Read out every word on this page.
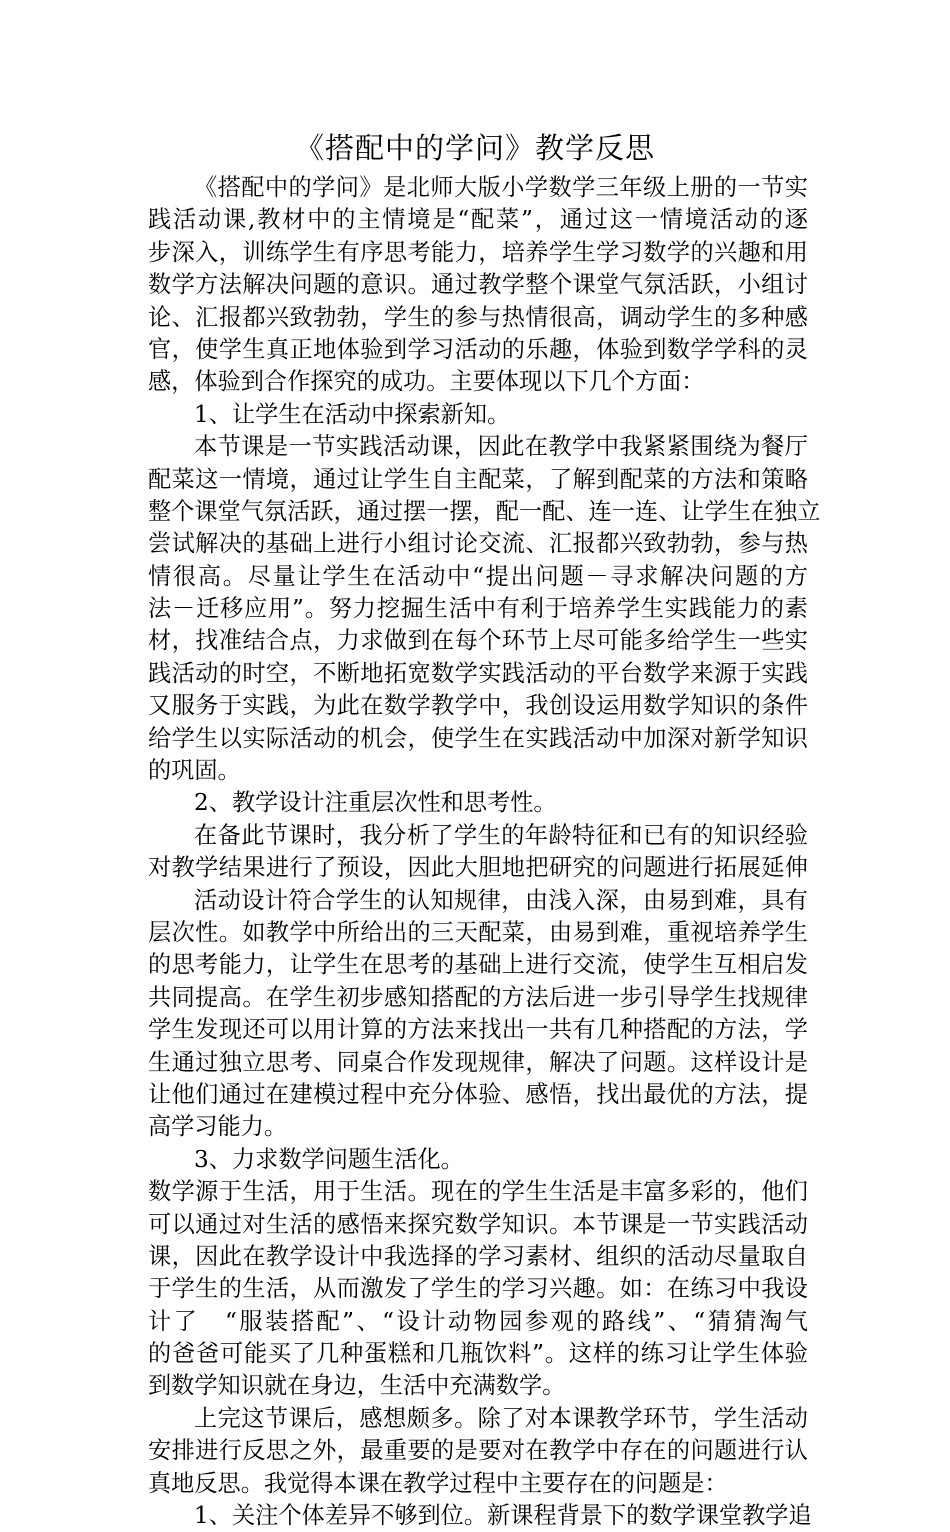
《搭配中的学问》教学反思
《搭配中的学问》是北师大版小学数学三年级上册的一节实
践活动课,教材中的主情境是“配菜”，通过这一情境活动的逐
步深入，训练学生有序思考能力，培养学生学习数学的兴趣和用
数学方法解决问题的意识。通过教学整个课堂气氛活跃，小组讨
论、汇报都兴致勃勃，学生的参与热情很高，调动学生的多种感
官，使学生真正地体验到学习活动的乐趣，体验到数学学科的灵
感，体验到合作探究的成功。主要体现以下几个方面：
1、让学生在活动中探索新知。
本节课是一节实践活动课，因此在教学中我紧紧围绕为餐厅
配菜这一情境，通过让学生自主配菜，了解到配菜的方法和策略
整个课堂气氛活跃，通过摆一摆，配一配、连一连、让学生在独立
尝试解决的基础上进行小组讨论交流、汇报都兴致勃勃，参与热
情很高。尽量让学生在活动中“提出问题－寻求解决问题的方
法－迁移应用”。努力挖掘生活中有利于培养学生实践能力的素
材，找准结合点，力求做到在每个环节上尽可能多给学生一些实
践活动的时空，不断地拓宽数学实践活动的平台数学来源于实践
又服务于实践，为此在数学教学中，我创设运用数学知识的条件
给学生以实际活动的机会，使学生在实践活动中加深对新学知识
的巩固。
2、教学设计注重层次性和思考性。
在备此节课时，我分析了学生的年龄特征和已有的知识经验
对教学结果进行了预设，因此大胆地把研究的问题进行拓展延伸
活动设计符合学生的认知规律，由浅入深，由易到难，具有
层次性。如教学中所给出的三天配菜，由易到难，重视培养学生
的思考能力，让学生在思考的基础上进行交流，使学生互相启发
共同提高。在学生初步感知搭配的方法后进一步引导学生找规律
学生发现还可以用计算的方法来找出一共有几种搭配的方法，学
生通过独立思考、同桌合作发现规律，解决了问题。这样设计是
让他们通过在建模过程中充分体验、感悟，找出最优的方法，提
高学习能力。
3、力求数学问题生活化。
数学源于生活，用于生活。现在的学生生活是丰富多彩的，他们
可以通过对生活的感悟来探究数学知识。本节课是一节实践活动
课，因此在教学设计中我选择的学习素材、组织的活动尽量取自
于学生的生活，从而激发了学生的学习兴趣。如：在练习中我设
计了　“服装搭配”、“设计动物园参观的路线”、“猜猜淘气
的爸爸可能买了几种蛋糕和几瓶饮料”。这样的练习让学生体验
到数学知识就在身边，生活中充满数学。
上完这节课后，感想颇多。除了对本课教学环节，学生活动
安排进行反思之外，最重要的是要对在教学中存在的问题进行认
真地反思。我觉得本课在教学过程中主要存在的问题是：
1、关注个体差异不够到位。新课程背景下的数学课堂教学追
